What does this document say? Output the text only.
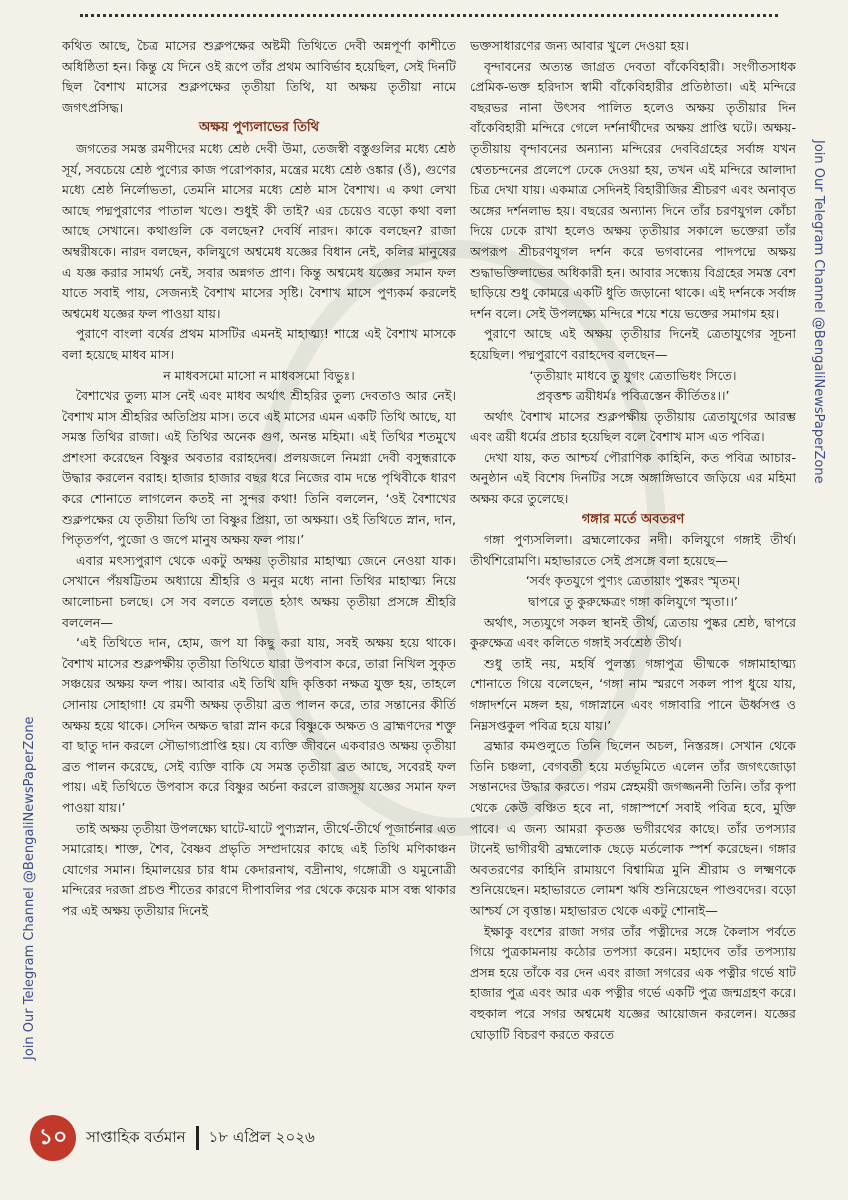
কথিত আছে, চৈত্র মাসের শুক্লপক্ষের অষ্টমী তিথিতে দেবী অন্নপূর্ণা কাশীতে অধিষ্ঠিতা হন। কিন্তু যে দিনে ওই রূপে তাঁর প্রথম আবির্ভাব হয়েছিল, সেই দিনটি ছিল বৈশাখ মাসের শুক্লপক্ষের তৃতীয়া তিথি, যা অক্ষয় তৃতীয়া নামে জগৎপ্রসিদ্ধ।

অক্ষয় পুণ্যলাভের তিথি

জগতের সমস্ত রমণীদের মধ্যে শ্রেষ্ঠ দেবী উমা, তেজস্বী বস্তুগুলির মধ্যে শ্রেষ্ঠ সূর্য, সবচেয়ে শ্রেষ্ঠ পুণ্যের কাজ পরোপকার, মন্ত্রের মধ্যে শ্রেষ্ঠ ওঙ্কার (ওঁ), গুণের মধ্যে শ্রেষ্ঠ নির্লোভতা, তেমনি মাসের মধ্যে শ্রেষ্ঠ মাস বৈশাখ। এ কথা লেখা আছে পদ্মপুরাণের পাতাল খণ্ডে। শুধুই কী তাই? এর চেয়েও বড়ো কথা বলা আছে সেখানে। কথাগুলি কে বলছেন? দেবর্ষি নারদ। কাকে বলছেন? রাজা অম্বরীষকে। নারদ বলছেন, কলিযুগে অশ্বমেধ যজ্ঞের বিধান নেই, কলির মানুষের এ যজ্ঞ করার সামর্থ্য নেই, সবার অন্নগত প্রাণ। কিন্তু অশ্বমেধ যজ্ঞের সমান ফল যাতে সবাই পায়, সেজন্যই বৈশাখ মাসের সৃষ্টি। বৈশাখ মাসে পুণ্যকর্ম করলেই অশ্বমেধ যজ্ঞের ফল পাওয়া যায়।

পুরাণে বাংলা বর্ষের প্রথম মাসটির এমনই মাহাত্ম্য! শাস্ত্রে এই বৈশাখ মাসকে বলা হয়েছে মাধব মাস।

ন মাধবসমো মাসো ন মাধবসমো বিভুঃ।

বৈশাখের তুল্য মাস নেই এবং মাধব অর্থাৎ শ্রীহরির তুল্য দেবতাও আর নেই। বৈশাখ মাস শ্রীহরির অতিপ্রিয় মাস। তবে এই মাসের এমন একটি তিথি আছে, যা সমস্ত তিথির রাজা। এই তিথির অনেক গুণ, অনন্ত মহিমা। এই তিথির শতমুখে প্রশংসা করেছেন বিষ্ণুর অবতার বরাহদেব। প্রলয়জলে নিমগ্না দেবী বসুন্ধরাকে উদ্ধার করলেন বরাহ। হাজার হাজার বছর ধরে নিজের বাম দন্তে পৃথিবীকে ধারণ করে শোনাতে লাগলেন কতই না সুন্দর কথা! তিনি বললেন, ‘ওই বৈশাখের শুক্লপক্ষের যে তৃতীয়া তিথি তা বিষ্ণুর প্রিয়া, তা অক্ষয়া। ওই তিথিতে স্নান, দান, পিতৃতর্পণ, পুজো ও জপে মানুষ অক্ষয় ফল পায়।’

এবার মৎস্যপুরাণ থেকে একটু অক্ষয় তৃতীয়ার মাহাত্ম্য জেনে নেওয়া যাক। সেখানে পঁয়ষট্টিতম অধ্যায়ে শ্রীহরি ও মনুর মধ্যে নানা তিথির মাহাত্ম্য নিয়ে আলোচনা চলছে। সে সব বলতে বলতে হঠাৎ অক্ষয় তৃতীয়া প্রসঙ্গে শ্রীহরি বললেন—

‘এই তিথিতে দান, হোম, জপ যা কিছু করা যায়, সবই অক্ষয় হয়ে থাকে। বৈশাখ মাসের শুক্লপক্ষীয় তৃতীয়া তিথিতে যারা উপবাস করে, তারা নিখিল সুকৃত সঞ্চয়ের অক্ষয় ফল পায়। আবার এই তিথি যদি কৃত্তিকা নক্ষত্র যুক্ত হয়, তাহলে সোনায় সোহাগা! যে রমণী অক্ষয় তৃতীয়া ব্রত পালন করে, তার সন্তানের কীর্তি অক্ষয় হয়ে থাকে। সেদিন অক্ষত দ্বারা স্নান করে বিষ্ণুকে অক্ষত ও ব্রাহ্মণদের শক্তু বা ছাতু দান করলে সৌভাগ্যপ্রাপ্তি হয়। যে ব্যক্তি জীবনে একবারও অক্ষয় তৃতীয়া ব্রত পালন করেছে, সেই ব্যক্তি বাকি যে সমস্ত তৃতীয়া ব্রত আছে, সবেরই ফল পায়। এই তিথিতে উপবাস করে বিষ্ণুর অর্চনা করলে রাজসূয় যজ্ঞের সমান ফল পাওয়া যায়।’

তাই অক্ষয় তৃতীয়া উপলক্ষ্যে ঘাটে-ঘাটে পুণ্যস্নান, তীর্থে-তীর্থে পূজার্চনার এত সমারোহ। শাক্ত, শৈব, বৈষ্ণব প্রভৃতি সম্প্রদায়ের কাছে এই তিথি মণিকাঞ্চন যোগের সমান। হিমালয়ের চার ধাম কেদারনাথ, বদ্রীনাথ, গঙ্গোত্রী ও যমুনোত্রী মন্দিরের দরজা প্রচণ্ড শীতের কারণে দীপাবলির পর থেকে কয়েক মাস বন্ধ থাকার পর এই অক্ষয় তৃতীয়ার দিনেই

ভক্তসাধারণের জন্য আবার খুলে দেওয়া হয়।

বৃন্দাবনের অত্যন্ত জাগ্রত দেবতা বাঁকেবিহারী। সংগীতসাধক প্রেমিক-ভক্ত হরিদাস স্বামী বাঁকেবিহারীর প্রতিষ্ঠাতা। এই মন্দিরে বছরভর নানা উৎসব পালিত হলেও অক্ষয় তৃতীয়ার দিন বাঁকেবিহারী মন্দিরে গেলে দর্শনার্থীদের অক্ষয় প্রাপ্তি ঘটে। অক্ষয়-তৃতীয়ায় বৃন্দাবনের অন্যান্য মন্দিরের দেববিগ্রহের সর্বাঙ্গ যখন শ্বেতচন্দনের প্রলেপে ঢেকে দেওয়া হয়, তখন এই মন্দিরে আলাদা চিত্র দেখা যায়। একমাত্র সেদিনই বিহারীজির শ্রীচরণ এবং অনাবৃত অঙ্গের দর্শনলাভ হয়। বছরের অন্যান্য দিনে তাঁর চরণযুগল কোঁচা দিয়ে ঢেকে রাখা হলেও অক্ষয় তৃতীয়ার সকালে ভক্তেরা তাঁর অপরূপ শ্রীচরণযুগল দর্শন করে ভগবানের পাদপদ্মে অক্ষয় শুদ্ধাভক্তিলাভের অধিকারী হন। আবার সন্ধ্যেয় বিগ্রহের সমস্ত বেশ ছাড়িয়ে শুধু কোমরে একটি ধুতি জড়ানো থাকে। এই দর্শনকে সর্বাঙ্গ দর্শন বলে। সেই উপলক্ষ্যে মন্দিরে শয়ে শয়ে ভক্তের সমাগম হয়।

পুরাণে আছে এই অক্ষয় তৃতীয়ার দিনেই ত্রেতাযুগের সূচনা হয়েছিল। পদ্মপুরাণে বরাহদেব বলছেন—

‘তৃতীয়াং মাধবে তু যুগং ত্রেতাভিধং সিতে।

প্রবৃত্তশ্চ ত্রয়ীধর্মঃ পবিত্রস্তেন কীর্তিতঃ।।’

অর্থাৎ বৈশাখ মাসের শুক্লপক্ষীয় তৃতীয়ায় ত্রেতাযুগের আরম্ভ এবং ত্রয়ী ধর্মের প্রচার হয়েছিল বলে বৈশাখ মাস এত পবিত্র।

দেখা যায়, কত আশ্চর্য পৌরাণিক কাহিনি, কত পবিত্র আচার-অনুষ্ঠান এই বিশেষ দিনটির সঙ্গে অঙ্গাঙ্গিভাবে জড়িয়ে এর মহিমা অক্ষয় করে তুলেছে।

গঙ্গার মর্তে অবতরণ

গঙ্গা পুণ্যসলিলা। ব্রহ্মলোকের নদী। কলিযুগে গঙ্গাই তীর্থ। তীর্থশিরোমণি। মহাভারতে সেই প্রসঙ্গে বলা হয়েছে—

‘সর্বং কৃতযুগে পুণ্যং ত্রেতায়াং পুষ্করং স্মৃতম্।

দ্বাপরে তু কুরুক্ষেত্রং গঙ্গা কলিযুগে স্মৃতা।।’

অর্থাৎ, সত্যযুগে সকল স্থানই তীর্থ, ত্রেতায় পুষ্কর শ্রেষ্ঠ, দ্বাপরে কুরুক্ষেত্র এবং কলিতে গঙ্গাই সর্বশ্রেষ্ঠ তীর্থ।

শুধু তাই নয়, মহর্ষি পুলস্ত্য গঙ্গাপুত্র ভীষ্মকে গঙ্গামাহাত্ম্য শোনাতে গিয়ে বলেছেন, ‘গঙ্গা নাম স্মরণে সকল পাপ ধুয়ে যায়, গঙ্গাদর্শনে মঙ্গল হয়, গঙ্গাস্নানে এবং গঙ্গাবারি পানে ঊর্ধ্বসপ্ত ও নিম্নসপ্তকুল পবিত্র হয়ে যায়।’

ব্রহ্মার কমণ্ডলুতে তিনি ছিলেন অচল, নিস্তরঙ্গ। সেখান থেকে তিনি চঞ্চলা, বেগবতী হয়ে মর্তভূমিতে এলেন তাঁর জগৎজোড়া সন্তানদের উদ্ধার করতে। পরম স্নেহময়ী জগজ্জননী তিনি। তাঁর কৃপা থেকে কেউ বঞ্চিত হবে না, গঙ্গাস্পর্শে সবাই পবিত্র হবে, মুক্তি পাবে। এ জন্য আমরা কৃতজ্ঞ ভগীরথের কাছে। তাঁর তপস্যার টানেই ভাগীরথী ব্রহ্মলোক ছেড়ে মর্তলোক স্পর্শ করেছেন। গঙ্গার অবতরণের কাহিনি রামায়ণে বিশ্বামিত্র মুনি শ্রীরাম ও লক্ষ্মণকে শুনিয়েছেন। মহাভারতে লোমশ ঋষি শুনিয়েছেন পাণ্ডবদের। বড়ো আশ্চর্য সে বৃত্তান্ত। মহাভারত থেকে একটু শোনাই—

ইক্ষাকু বংশের রাজা সগর তাঁর পত্নীদের সঙ্গে কৈলাস পর্বতে গিয়ে পুত্রকামনায় কঠোর তপস্যা করেন। মহাদেব তাঁর তপস্যায় প্রসন্ন হয়ে তাঁকে বর দেন এবং রাজা সগরের এক পত্নীর গর্ভে ষাট হাজার পুত্র এবং আর এক পত্নীর গর্ভে একটি পুত্র জন্মগ্রহণ করে। বহুকাল পরে সগর অশ্বমেধ যজ্ঞের আয়োজন করলেন। যজ্ঞের ঘোড়াটি বিচরণ করতে করতে

Join Our Telegram Channel @BengaliNewsPaperZone
Join Our Telegram Channel @BengaliNewsPaperZone
১০	সাপ্তাহিক বর্তমান ১৮ এপ্রিল ২০২৬
